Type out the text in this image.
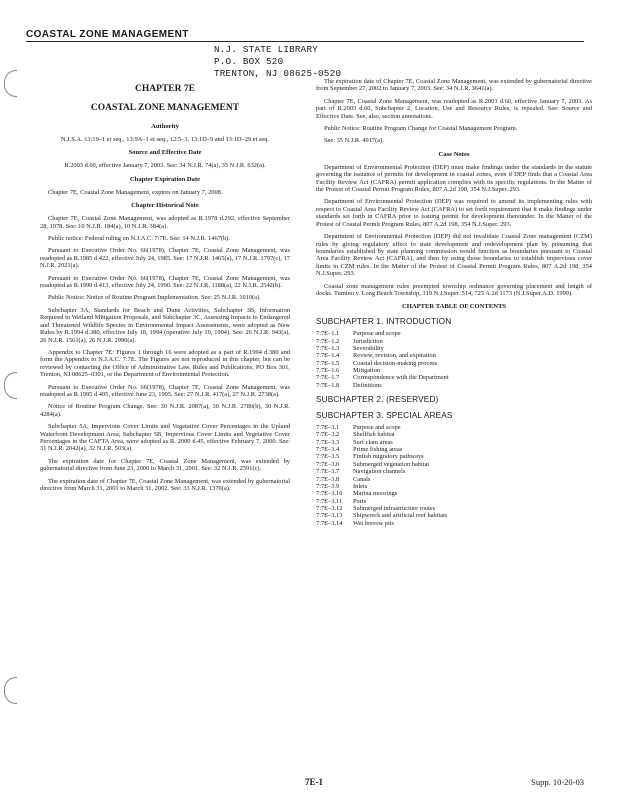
COASTAL ZONE MANAGEMENT
N.J. STATE LIBRARY
P.O. BOX 520
TRENTON, NJ 08625-0520
CHAPTER 7E
COASTAL ZONE MANAGEMENT
Authority
N.J.S.A. 13:19–1 et seq., 13:9A–1 et seq., 12:5–3, 13:1D–9 and 13:1D–29 et seq.
Source and Effective Date
R.2003 d.60, effective January 7, 2003. See: 34 N.J.R. 74(a), 35 N.J.R. 632(a).
Chapter Expiration Date

Chapter 7E, Coastal Zone Management, expires on January 7, 2008.

Chapter Historical Note

Chapter 7E, Coastal Zone Management, was adopted as R.1978 d.292, effective September 28, 1978. See: 10 N.J.R. 184(a), 10 N.J.R. 384(a).

Public notice: Federal ruling on N.J.A.C. 7:7E. See: 14 N.J.R. 1467(b).

Pursuant to Executive Order No. 66(1978), Chapter 7E, Coastal Zone Management, was readopted as R.1985 d.422, effective July 24, 1985. See: 17 N.J.R. 1465(a), 17 N.J.R. 1797(c), 17 N.J.R. 2021(a).

Pursuant to Executive Order No. 66(1978), Chapter 7E, Coastal Zone Management, was readopted as R.1990 d.413, effective July 24, 1990. See: 22 N.J.R. 1188(a), 22 N.J.R. 2542(b).

Public Notice: Notice of Routine Program Implementation. See: 25 N.J.R. 1010(a).

Subchapter 3A, Standards for Beach and Dune Activities, Subchapter 3B, Information Required in Wetland Mitigation Proposals, and Subchapter 3C, Assessing Impacts to Endangered and Threatened Wildlife Species in Environmental Impact Assessments, were adopted as New Rules by R.1994 d.380, effective July 18, 1994 (operative July 19, 1994). See: 26 N.J.R. 943(a), 26 N.J.R. 1561(a), 26 N.J.R. 2990(a).

Appendix to Chapter 7E: Figures 1 through 16 were adopted as a part of R.1994 d.380 and form the Appendix to N.J.A.C. 7:7E. The Figures are not reproduced in this chapter, but can be reviewed by contacting the Office of Administrative Law, Rules and Publications, PO Box 301, Trenton, NJ 08625–0301, or the Department of Environmental Protection.

Pursuant to Executive Order No. 66(1978), Chapter 7E, Coastal Zone Management, was readopted as R.1995 d.405, effective June 23, 1995. See: 27 N.J.R. 417(a), 27 N.J.R. 2738(a).

Notice of Routine Program Change. See: 30 N.J.R. 2087(a), 30 N.J.R. 2780(b), 30 N.J.R. 4284(a).

Subchapter 5A, Impervious Cover Limits and Vegetative Cover Percentages in the Upland Waterfront Development Area; Subchapter 5B, Impervious Cover Limits and Vegetative Cover Percentages in the CAFTA Area, were adopted as R. 2000 d.45, effective February 7, 2000. See: 31 N.J.R. 2042(a), 32 N.J.R. 503(a).

The expiration date for Chapter 7E, Coastal Zone Management, was extended by gubernatorial directive from June 23, 2000 to March 31, 2001. See: 32 N.J.R. 2591(c).

The expiration date of Chapter 7E, Coastal Zone Management, was extended by gubernatorial directive from March 31, 2001 to March 31, 2002. See: 33 N.J.R. 1370(a).

The expiration date of Chapter 7E, Coastal Zone Management, was extended by gubernatorial directive from September 27, 2002 to January 7, 2003. See: 34 N.J.R. 3641(a).

Chapter 7E, Coastal Zone Management, was readopted as R.2003 d.60, effective January 7, 2003. As part of R.2003 d.60, Subchapter 2, Location, Use and Resource Rules, is repealed. See: Source and Effective Date. See, also, section annotations.

Public Notice: Routine Program Change for Coastal Management Program.

See: 35 N.J.R. 4917(a).

Case Notes

Department of Environmental Protection (DEP) must make findings under the standards in the statute governing the issuance of permits for development in coastal zones, even if DEP finds that a Coastal Area Facility Review Act (CAFRA) permit application complies with its specific regulations. In the Matter of the Protest of Coastal Permit Program Rules, 807 A.2d 198, 354 N.J.Super. 293.

Department of Environmental Protection (DEP) was required to amend its implementing rules with respect to Coastal Area Facility Review Act (CAFRA) to set forth requirement that it make findings under standards set forth in CAFRA prior to issuing permit for development thereunder. In the Matter of the Protest of Coastal Permit Program Rules, 807 A.2d 198, 354 N.J.Super. 293.

Department of Environmental Protection (DEP) did not invalidate Coastal Zone management (CZM) rules by giving regulatory effect to state development and redevelopment plan by presuming that boundaries established by state planning commission would function as boundaries pursuant to Coastal Area Facility Review Act (CAFRA), and then by using those boundaries to establish impervious cover limits in CZM rules. In the Matter of the Protest of Coastal Permit Program Rules, 807 A.2d 198, 354 N.J.Super. 293.

Coastal zone management rules preempted township ordinance governing placement and length of docks. Tumino v. Long Beach Township, 319 N.J.Super. 514, 725 A.2d 1173 (N.J.Super.A.D. 1999).

CHAPTER TABLE OF CONTENTS
SUBCHAPTER 1. INTRODUCTION
7:7E–1.1	Purpose and scope
7:7E–1.2	Jurisdiction
7:7E–1.3	Severability
7:7E–1.4	Review, revision, and expiration
7:7E–1.5	Coastal decision-making process
7:7E–1.6	Mitigation
7:7E–1.7	Correspondence with the Department
7:7E–1.8	Definitions
SUBCHAPTER 2. (RESERVED)
SUBCHAPTER 3. SPECIAL AREAS
7:7E–3.1	Purpose and scope
7:7E–3.2	Shellfish habitat
7:7E–3.3	Surf clam areas
7:7E–3.4	Prime fishing areas
7:7E–3.5	Finfish migratory pathways
7:7E–3.6	Submerged vegetation habitat
7:7E–3.7	Navigation channels
7:7E–3.8	Canals
7:7E–3.9	Inlets
7:7E–3.10	Marina moorings
7:7E–3.11	Ports
7:7E–3.12	Submerged infrastructure routes
7:7E–3.13	Shipwreck and artificial reef habitats
7:7E–3.14	Wet borrow pits
7E-1	Supp. 10-20-03
